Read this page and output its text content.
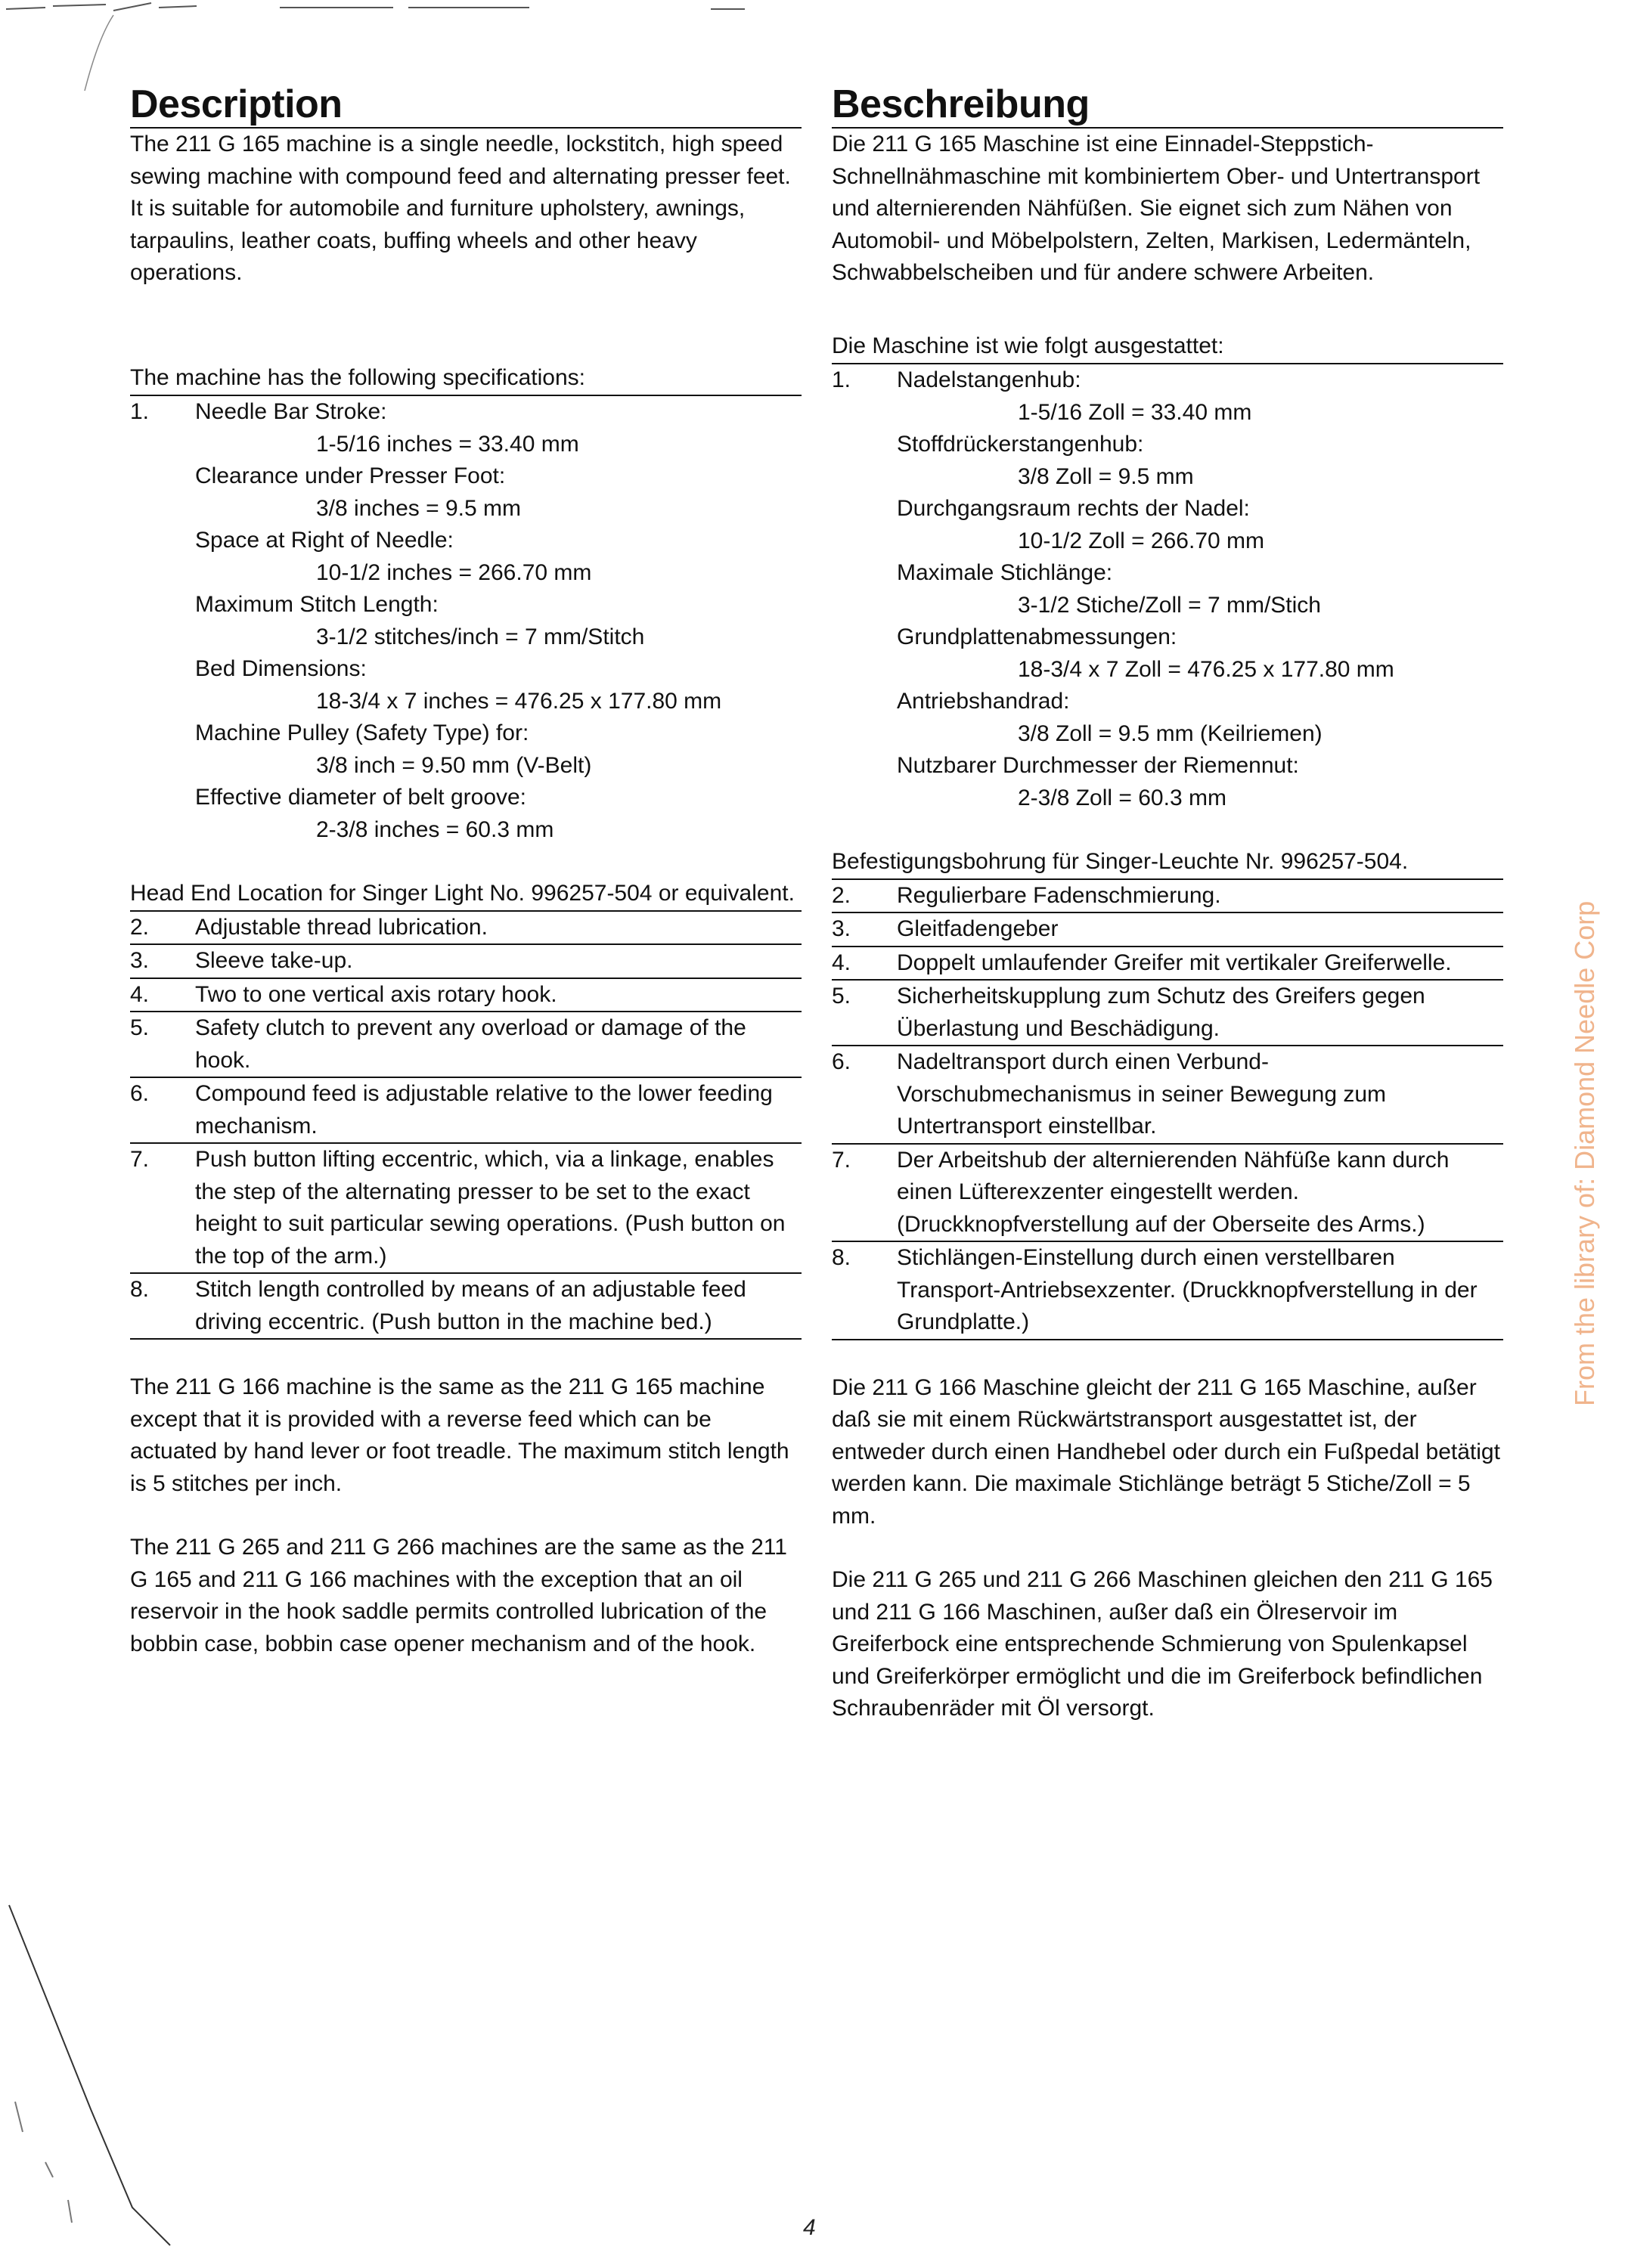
Description

The 211 G 165 machine is a single needle, lockstitch, high speed sewing machine with compound feed and alternating presser feet. It is suitable for automobile and furniture upholstery, awnings, tarpaulins, leather coats, buffing wheels and other heavy operations.

The machine has the following specifications:
1.	Needle Bar Stroke:
1-5/16 inches = 33.40 mm
Clearance under Presser Foot:
3/8 inches = 9.5 mm
Space at Right of Needle:
10-1/2 inches = 266.70 mm
Maximum Stitch Length:
3-1/2 stitches/inch = 7 mm/Stitch
Bed Dimensions:
18-3/4 x 7 inches = 476.25 x 177.80 mm
Machine Pulley (Safety Type) for:
3/8 inch = 9.50 mm (V-Belt)
Effective diameter of belt groove:
2-3/8 inches = 60.3 mm
Head End Location for Singer Light No. 996257-504 or equivalent.
2.	Adjustable thread lubrication.
3.	Sleeve take-up.
4.	Two to one vertical axis rotary hook.
5.	Safety clutch to prevent any overload or damage of the hook.
6.	Compound feed is adjustable relative to the lower feeding mechanism.
7.	Push button lifting eccentric, which, via a linkage, enables the step of the alternating presser to be set to the exact height to suit particular sewing operations. (Push button on the top of the arm.)
8.	Stitch length controlled by means of an adjustable feed driving eccentric. (Push button in the machine bed.)

The 211 G 166 machine is the same as the 211 G 165 machine except that it is provided with a reverse feed which can be actuated by hand lever or foot treadle. The maximum stitch length is 5 stitches per inch.

The 211 G 265 and 211 G 266 machines are the same as the 211 G 165 and 211 G 166 machines with the exception that an oil reservoir in the hook saddle permits controlled lubrication of the bobbin case, bobbin case opener mechanism and of the hook.

Beschreibung

Die 211 G 165 Maschine ist eine Einnadel-Steppstich-Schnellnähmaschine mit kombiniertem Ober- und Untertransport und alternierenden Nähfüßen. Sie eignet sich zum Nähen von Automobil- und Möbelpolstern, Zelten, Markisen, Ledermänteln, Schwabbelscheiben und für andere schwere Arbeiten.

Die Maschine ist wie folgt ausgestattet:
1.	Nadelstangenhub:
1-5/16 Zoll = 33.40 mm
Stoffdrückerstangenhub:
3/8 Zoll = 9.5 mm
Durchgangsraum rechts der Nadel:
10-1/2 Zoll = 266.70 mm
Maximale Stichlänge:
3-1/2 Stiche/Zoll = 7 mm/Stich
Grundplattenabmessungen:
18-3/4 x 7 Zoll = 476.25 x 177.80 mm
Antriebshandrad:
3/8 Zoll = 9.5 mm (Keilriemen)
Nutzbarer Durchmesser der Riemennut:
2-3/8 Zoll = 60.3 mm
Befestigungsbohrung für Singer-Leuchte Nr. 996257-504.
2.	Regulierbare Fadenschmierung.
3.	Gleitfadengeber
4.	Doppelt umlaufender Greifer mit vertikaler Greiferwelle.
5.	Sicherheitskupplung zum Schutz des Greifers gegen Überlastung und Beschädigung.
6.	Nadeltransport durch einen Verbund-Vorschubmechanismus in seiner Bewegung zum Untertransport einstellbar.
7.	Der Arbeitshub der alternierenden Nähfüße kann durch einen Lüfterexzenter eingestellt werden. (Druckknopfverstellung auf der Oberseite des Arms.)
8.	Stichlängen-Einstellung durch einen verstellbaren Transport-Antriebsexzenter. (Druckknopfverstellung in der Grundplatte.)

Die 211 G 166 Maschine gleicht der 211 G 165 Maschine, außer daß sie mit einem Rückwärtstransport ausgestattet ist, der entweder durch einen Handhebel oder durch ein Fußpedal betätigt werden kann. Die maximale Stichlänge beträgt 5 Stiche/Zoll = 5 mm.

Die 211 G 265 und 211 G 266 Maschinen gleichen den 211 G 165 und 211 G 166 Maschinen, außer daß ein Ölreservoir im Greiferbock eine entsprechende Schmierung von Spulenkapsel und Greiferkörper ermöglicht und die im Greiferbock befindlichen Schraubenräder mit Öl versorgt.

From the library of: Diamond Needle Corp
4
